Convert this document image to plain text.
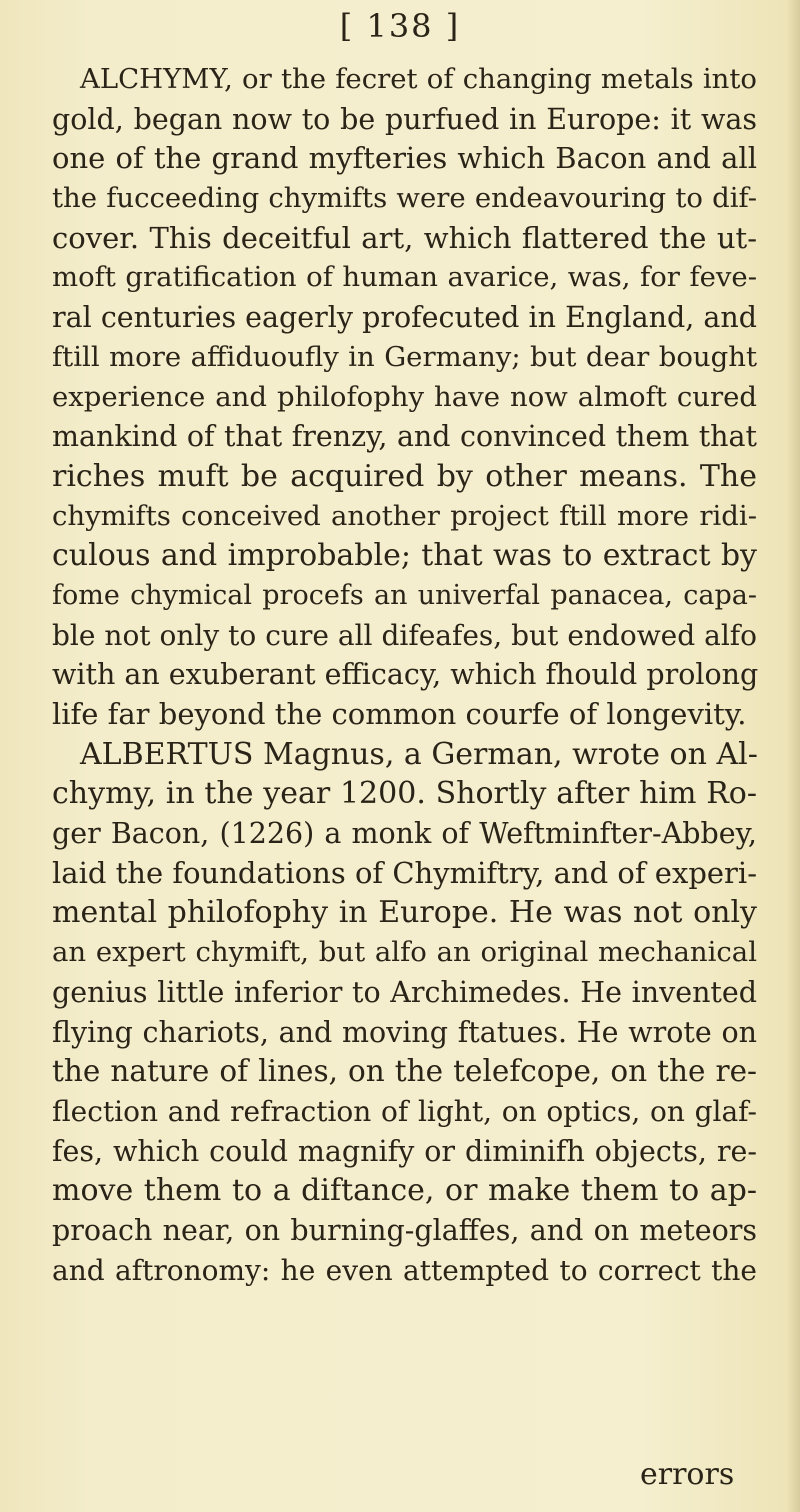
[ 138 ]
ALCHYMY, or the fecret of changing metals into
gold, began now to be purfued in Europe: it was
one of the grand myfteries which Bacon and all
the fucceeding chymifts were endeavouring to dif-
cover. This deceitful art, which flattered the ut-
moft gratification of human avarice, was, for feve-
ral centuries eagerly profecuted in England, and
ftill more affiduoufly in Germany; but dear bought
experience and philofophy have now almoft cured
mankind of that frenzy, and convinced them that
riches muft be acquired by other means. The
chymifts conceived another project ftill more ridi-
culous and improbable; that was to extract by
fome chymical procefs an univerfal panacea, capa-
ble not only to cure all difeafes, but endowed alfo
with an exuberant efficacy, which fhould prolong
life far beyond the common courfe of longevity.
ALBERTUS Magnus, a German, wrote on Al-
chymy, in the year 1200. Shortly after him Ro-
ger Bacon, (1226) a monk of Weftminfter-Abbey,
laid the foundations of Chymiftry, and of experi-
mental philofophy in Europe. He was not only
an expert chymift, but alfo an original mechanical
genius little inferior to Archimedes. He invented
flying chariots, and moving ftatues. He wrote on
the nature of lines, on the telefcope, on the re-
flection and refraction of light, on optics, on glaf-
fes, which could magnify or diminifh objects, re-
move them to a diftance, or make them to ap-
proach near, on burning-glaffes, and on meteors
and aftronomy: he even attempted to correct the
errors
